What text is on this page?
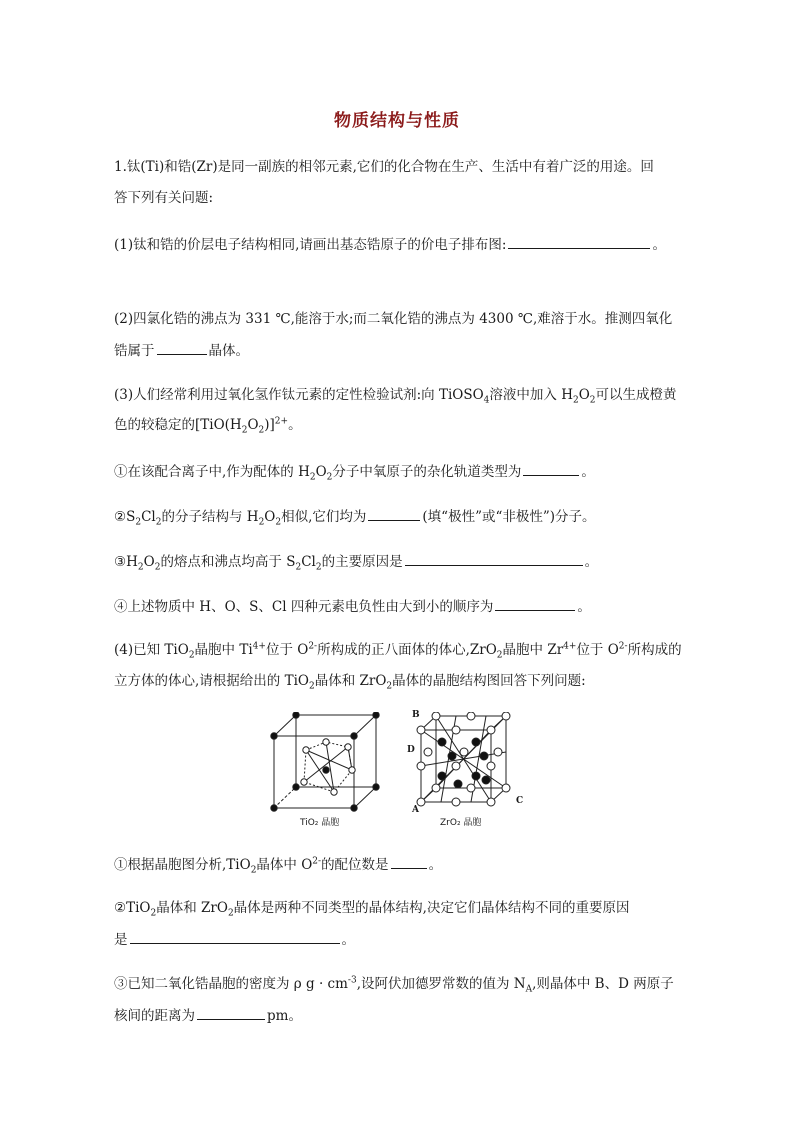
物质结构与性质
1.钛(Ti)和锆(Zr)是同一副族的相邻元素,它们的化合物在生产、生活中有着广泛的用途。回
答下列有关问题:
(1)钛和锆的价层电子结构相同,请画出基态锆原子的价电子排布图:	。
(2)四氯化锆的沸点为 331 ℃,能溶于水;而二氧化锆的沸点为 4300 ℃,难溶于水。推测四氧化
锆属于	晶体。
(3)人们经常利用过氧化氢作钛元素的定性检验试剂:向 TiOSO$_4$溶液中加入 $H_2O_2$可以生成橙黄
色的较稳定的$[TiO(H_2O_2)]^{2+}$。
①在该配合离子中,作为配体的 $H_2O_2$分子中氧原子的杂化轨道类型为	。
$②S_2Cl_2$的分子结构与 $H_2O_2$相似,它们均为	(填“极性”或“非极性”)分子。
$③H_2O_2$的熔点和沸点均高于 $S_2Cl_2$的主要原因是	。
④上述物质中 H、O、S、Cl 四种元素电负性由大到小的顺序为	。
(4)已知 TiO$_2$晶胞中 $Ti^{4+}$位于 $O^{2-}$所构成的正八面体的体心,ZrO$_2$晶胞中 $Zr^{4+}$位于 $O^{2-}$所构成的
立方体的体心,请根据给出的 TiO$_2$晶体和 ZrO$_2$晶体的晶胞结构图回答下列问题:
B
D
A
C
TiO₂ 晶胞	ZrO₂ 晶胞
①根据晶胞图分析,TiO$_2$晶体中 $O^{2-}$的配位数是	。
②TiO$_2$晶体和 ZrO$_2$晶体是两种不同类型的晶体结构,决定它们晶体结构不同的重要原因
是	。
③已知二氧化锆晶胞的密度为 ρ $g \cdot cm^{-3}$,设阿伏加德罗常数的值为 $N_A$,则晶体中 B、D 两原子
核间的距离为	pm。
